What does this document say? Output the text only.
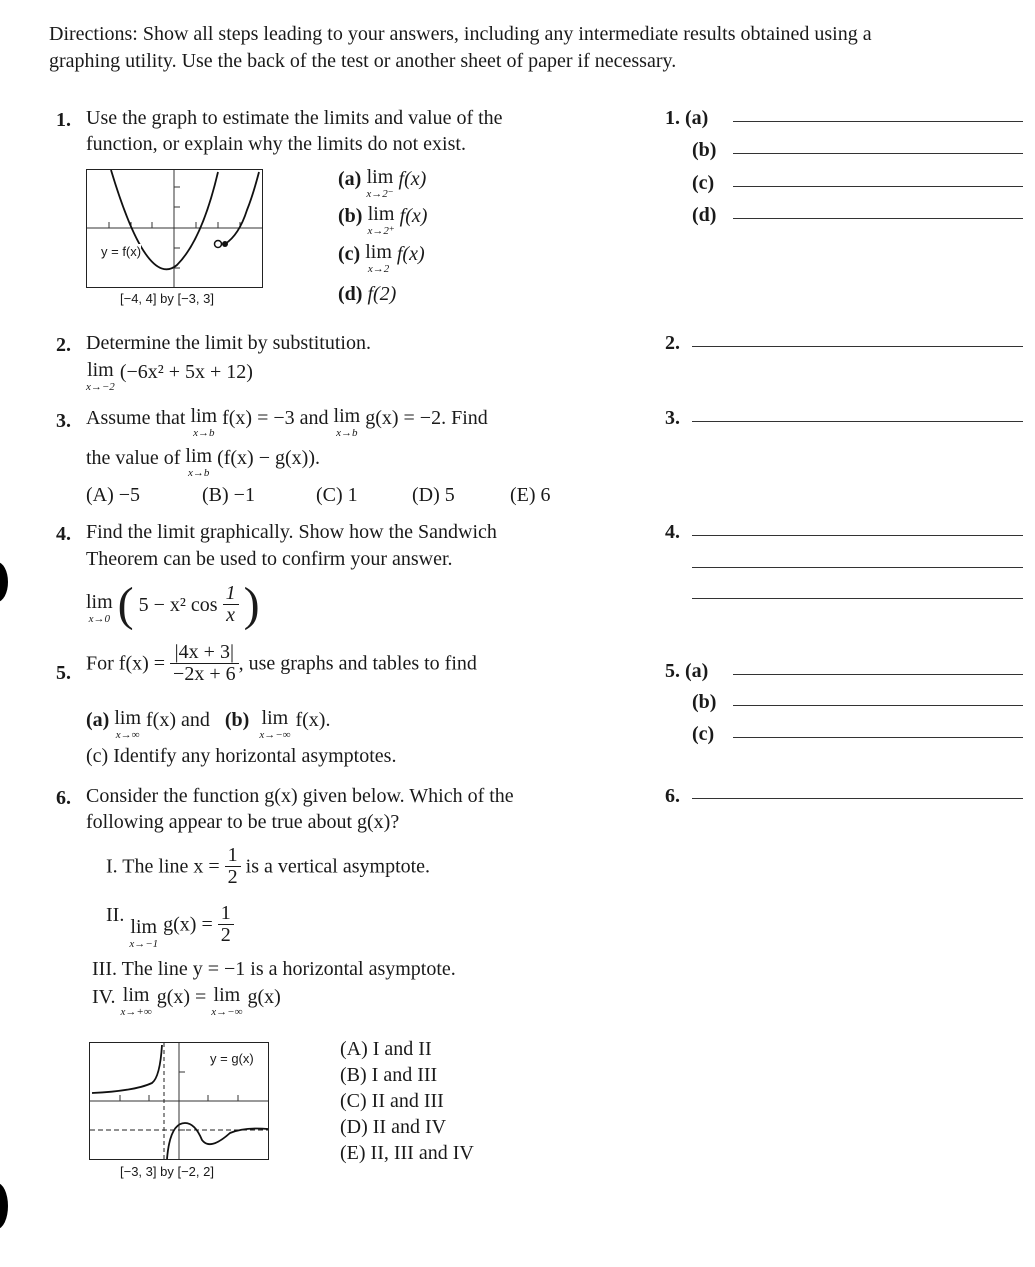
Directions: Show all steps leading to your answers, including any intermediate results obtained using a
graphing utility. Use the back of the test or another sheet of paper if necessary.
1. Use the graph to estimate the limits and value of the
function, or explain why the limits do not exist.
y = f(x)
[−4, 4] by [−3, 3]
(a) lim
x→2⁻
f(x)
(b) lim
x→2⁺
f(x)
(c) lim
x→2
f(x)
(d) f(2)
1. (a)
(b)
(c)
(d)
2. Determine the limit by substitution.
lim
x→−2
(−6x² + 5x + 12)
2.
3. Assume that lim
x→b
f(x) = −3 and lim
x→b
g(x) = −2. Find
the value of lim
x→b
(f(x) − g(x)).
(A) −5	(B) −1	(C) 1	(D) 5	(E) 6
3.
4. Find the limit graphically. Show how the Sandwich
Theorem can be used to confirm your answer.
lim
x→0 ( 5 − x² $\cos \frac{1}{x}$ )
4.
5. For $f(x) = \frac{|4x + 3|}{-2x + 6}$ , use graphs and tables to find
(a) lim
x→∞
f(x) and (b) lim
x→−∞
f(x).
(c) Identify any horizontal asymptotes.
5. (a)
(b)
(c)
6. Consider the function g(x) given below. Which of the
following appear to be true about g(x)?
6.
I. The line $x = \frac{1}{2}$ is a vertical asymptote.
II.
lim
x→−1
$g(x) = \frac{1}{2}$
III. The line y = −1 is a horizontal asymptote.
IV. lim
x→+∞
g(x) = lim
x→−∞
g(x)
y = g(x)
[−3, 3] by [−2, 2]
(A) I and II
(B) I and III
(C) II and III
(D) II and IV
(E) II, III and IV
